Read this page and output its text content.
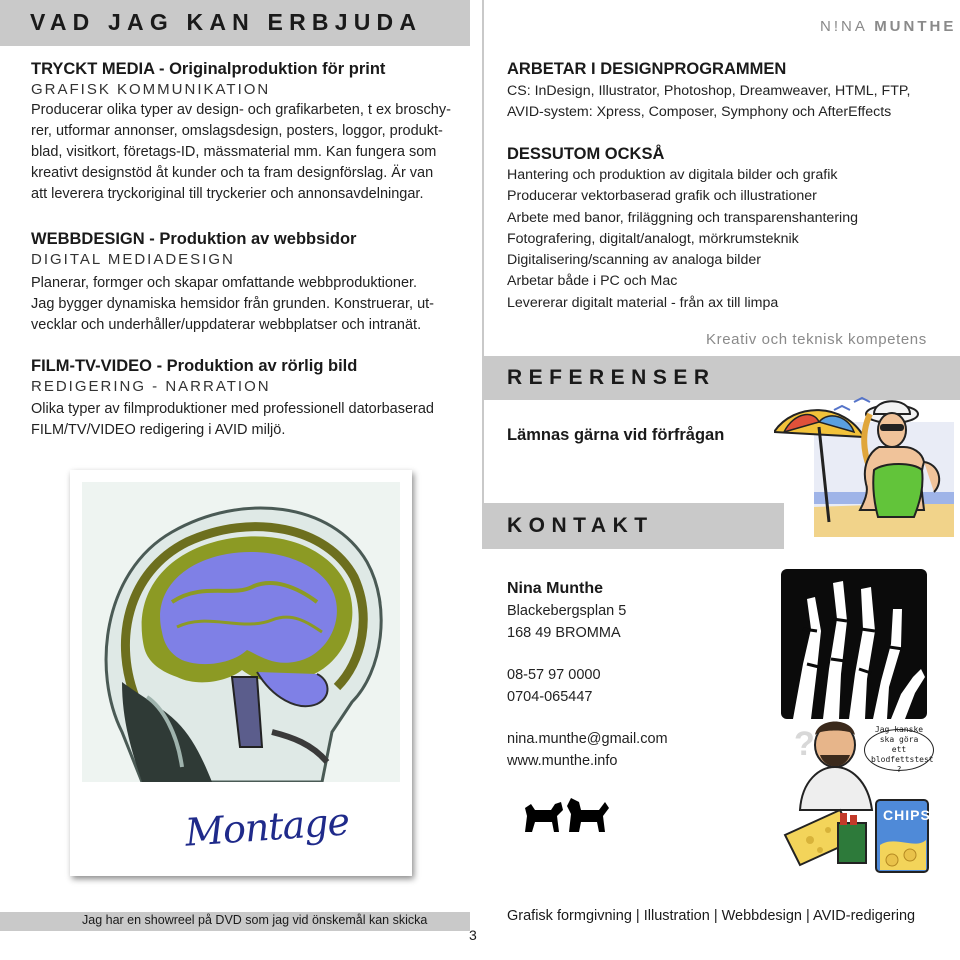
VAD JAG KAN ERBJUDA
TRYCKT MEDIA - Originalproduktion för print
GRAFISK KOMMUNIKATION
Producerar olika typer av design- och grafikarbeten, t ex broschy-
rer, utformar annonser, omslagsdesign, posters, loggor, produkt-
blad, visitkort, företags-ID, mässmaterial mm. Kan fungera som
kreativt designstöd åt kunder och ta fram designförslag. Är van
att leverera tryckoriginal till tryckerier och annonsavdelningar.
WEBBDESIGN - Produktion av webbsidor
DIGITAL MEDIADESIGN
Planerar, formger och skapar omfattande webbproduktioner.
Jag bygger dynamiska hemsidor från grunden. Konstruerar, ut-
vecklar och underhåller/uppdaterar webbplatser och intranät.
FILM-TV-VIDEO - Produktion av rörlig bild
REDIGERING - NARRATION
Olika typer av filmproduktioner med professionell datorbaserad
FILM/TV/VIDEO redigering i AVID miljö.
Montage
Jag har en showreel på DVD som jag vid önskemål kan skicka
3
N!NA MUNTHE
ARBETAR I DESIGNPROGRAMMEN
CS: InDesign, Illustrator, Photoshop, Dreamweaver, HTML, FTP,
AVID-system: Xpress, Composer, Symphony och AfterEffects
DESSUTOM OCKSÅ
Hantering och produktion av digitala bilder och grafik
Producerar vektorbaserad grafik och illustrationer
Arbete med banor, friläggning och transparenshantering
Fotografering, digitalt/analogt, mörkrumsteknik
Digitalisering/scanning av analoga bilder
Arbetar både i PC och Mac
Levererar digitalt material - från ax till limpa
Kreativ och teknisk kompetens
REFERENSER
Lämnas gärna vid förfrågan
KONTAKT
Nina Munthe
Blackebergsplan 5
168 49 BROMMA
08-57 97 0000
0704-065447
nina.munthe@gmail.com
www.munthe.info	?
CHIPS
Jag kanske ska göra ett blodfettstest ?
Grafisk formgivning | Illustration | Webbdesign | AVID-redigering
